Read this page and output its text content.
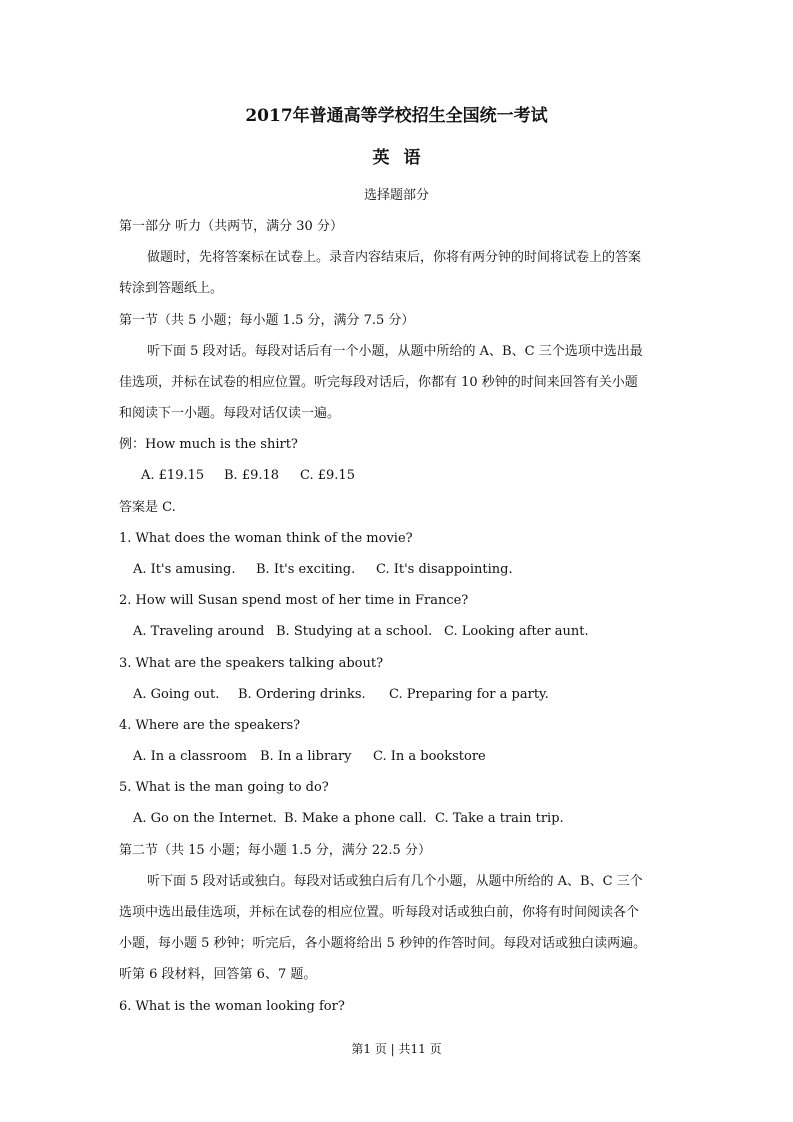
2017年普通高等学校招生全国统一考试
英语
选择题部分
第一部分 听力（共两节，满分 30 分）
做题时，先将答案标在试卷上。录音内容结束后，你将有两分钟的时间将试卷上的答案
转涂到答题纸上。
第一节（共 5 小题；每小题 1.5 分，满分 7.5 分）
听下面 5 段对话。每段对话后有一个小题，从题中所给的 A、B、C 三个选项中选出最
佳选项，并标在试卷的相应位置。听完每段对话后，你都有 10 秒钟的时间来回答有关小题
和阅读下一小题。每段对话仅读一遍。
例：How much is the shirt?
A. £19.15 B. £9.18 C. £9.15
答案是 C.
1. What does the woman think of the movie?
A. It's amusing. B. It's exciting. C. It's disappointing.
2. How will Susan spend most of her time in France?
A. Traveling around B. Studying at a school. C. Looking after aunt.
3. What are the speakers talking about?
A. Going out. B. Ordering drinks. C. Preparing for a party.
4. Where are the speakers?
A. In a classroom B. In a library C. In a bookstore
5. What is the man going to do?
A. Go on the Internet. B. Make a phone call. C. Take a train trip.
第二节（共 15 小题；每小题 1.5 分，满分 22.5 分）
听下面 5 段对话或独白。每段对话或独白后有几个小题，从题中所给的 A、B、C 三个
选项中选出最佳选项，并标在试卷的相应位置。听每段对话或独白前，你将有时间阅读各个
小题，每小题 5 秒钟；听完后，各小题将给出 5 秒钟的作答时间。每段对话或独白读两遍。
听第 6 段材料，回答第 6、7 题。
6. What is the woman looking for?
第1 页 | 共11 页
